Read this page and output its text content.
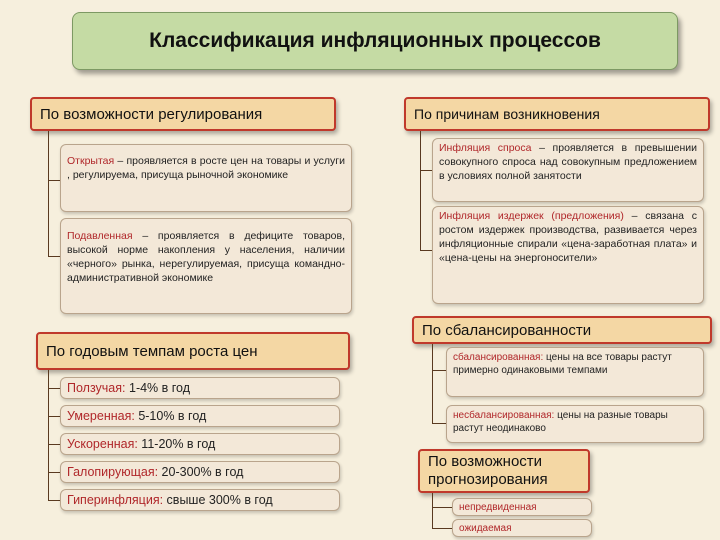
Классификация инфляционных процессов
По возможности регулирования
Открытая – проявляется в росте цен на товары и услуги , регулируема, присуща рыночной экономике
Подавленная – проявляется в дефиците товаров, высокой норме накопления у населения, наличии «черного» рынка, нерегулируемая, присуща командно-административной экономике
По годовым темпам роста цен
Ползучая: 1-4% в год
Умеренная: 5-10% в год
Ускоренная: 11-20% в год
Галопирующая: 20-300% в год
Гиперинфляция: свыше 300% в год
По причинам возникновения
Инфляция спроса – проявляется в превышении совокупного спроса над совокупным предложением в условиях полной занятости
Инфляция издержек (предложения) – связана с ростом издержек производства, развивается через инфляционные спирали «цена-заработная плата» и «цена-цены на энергоносители»
По сбалансированности
сбалансированная: цены на все товары растут примерно одинаковыми темпами
несбалансированная: цены на разные товары растут неодинаково
По возможности прогнозирования
непредвиденная
ожидаемая
